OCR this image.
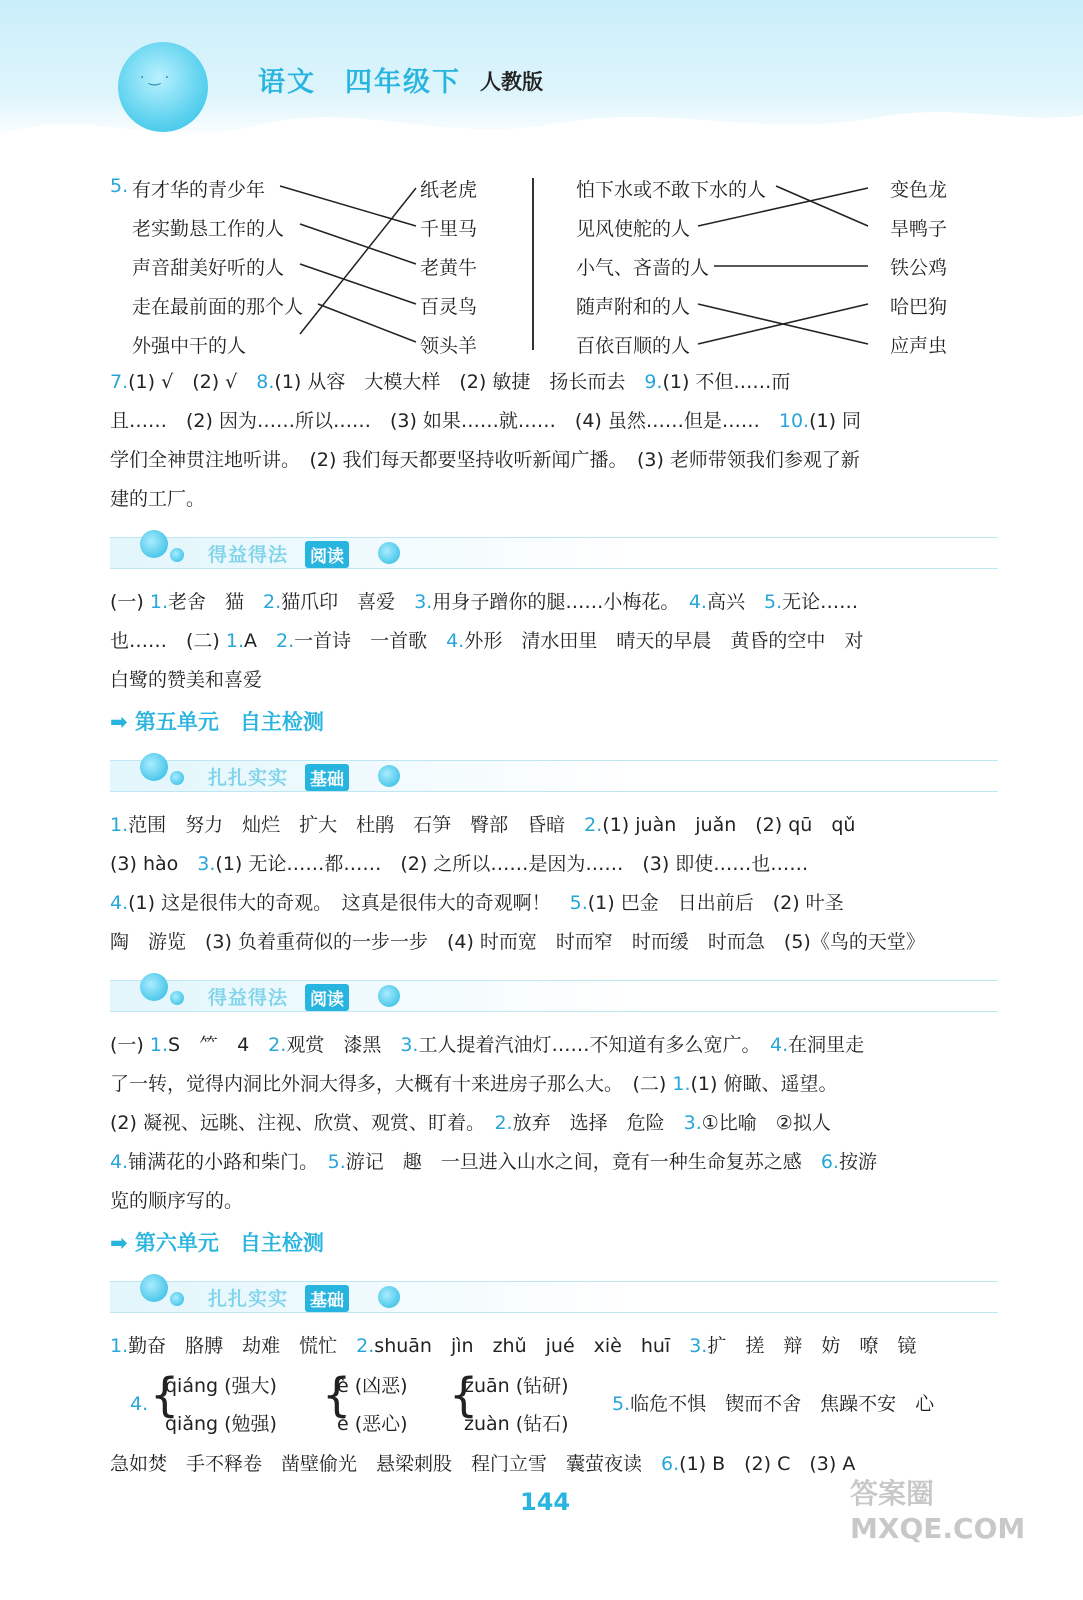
· ‿ ·	语文 四年级下 人教版
5.
7.(1) √　(2) √　8.(1) 从容　大模大样　(2) 敏捷　扬长而去　9.(1) 不但……而
且……　(2) 因为……所以……　(3) 如果……就……　(4) 虽然……但是……　10.(1) 同
学们全神贯注地听讲。　(2) 我们每天都要坚持收听新闻广播。　(3) 老师带领我们参观了新
建的工厂。
得益得法 阅读
(一) 1.老舍　猫　2.猫爪印　喜爱　3.用身子蹭你的腿……小梅花。　4.高兴　5.无论……
也……　(二) 1.A　2.一首诗　一首歌　4.外形　清水田里　晴天的早晨　黄昏的空中　对
白鹭的赞美和喜爱
➡ 第五单元　自主检测
扎扎实实 基础
1.范围　努力　灿烂　扩大　杜鹃　石笋　臀部　昏暗　2.(1) juàn　juǎn　(2) qū　qǔ
(3) hào　3.(1) 无论……都……　(2) 之所以……是因为……　(3) 即使……也……
4.(1) 这是很伟大的奇观。　这真是很伟大的奇观啊！　5.(1) 巴金　日出前后　(2) 叶圣
陶　游览　(3) 负着重荷似的一步一步　(4) 时而宽　时而窄　时而缓　时而急　(5)《鸟的天堂》
得益得法 阅读
(一) 1.S　⺮　4　2.观赏　漆黑　3.工人提着汽油灯……不知道有多么宽广。　4.在洞里走
了一转，觉得内洞比外洞大得多，大概有十来进房子那么大。　(二) 1.(1) 俯瞰、遥望。
(2) 凝视、远眺、注视、欣赏、观赏、盯着。　2.放弃　选择　危险　3.①比喻　②拟人
4.铺满花的小路和柴门。　5.游记　趣　一旦进入山水之间，竟有一种生命复苏之感　6.按游
览的顺序写的。
➡ 第六单元　自主检测
扎扎实实 基础
1.勤奋　胳膊　劫难　慌忙　2.shuān　jìn　zhǔ　jué　xiè　huī　3.扩　搓　辩　妨　嘹　镜
4. {
qiáng (强大)
qiǎng (勉强)
{
è (凶恶)
ě (恶心)
{
zuān (钻研)
zuàn (钻石)
5.临危不惧　锲而不舍　焦躁不安　心
急如焚　手不释卷　凿壁偷光　悬梁刺股　程门立雪　囊萤夜读　6.(1) B　(2) C　(3) A
144	答案圈 MXQE.COM
有才华的青少年
老实勤恳工作的人
声音甜美好听的人
走在最前面的那个人
外强中干的人
纸老虎
千里马
老黄牛
百灵鸟
领头羊
怕下水或不敢下水的人
见风使舵的人
小气、吝啬的人
随声附和的人
百依百顺的人
变色龙
旱鸭子
铁公鸡
哈巴狗
应声虫
